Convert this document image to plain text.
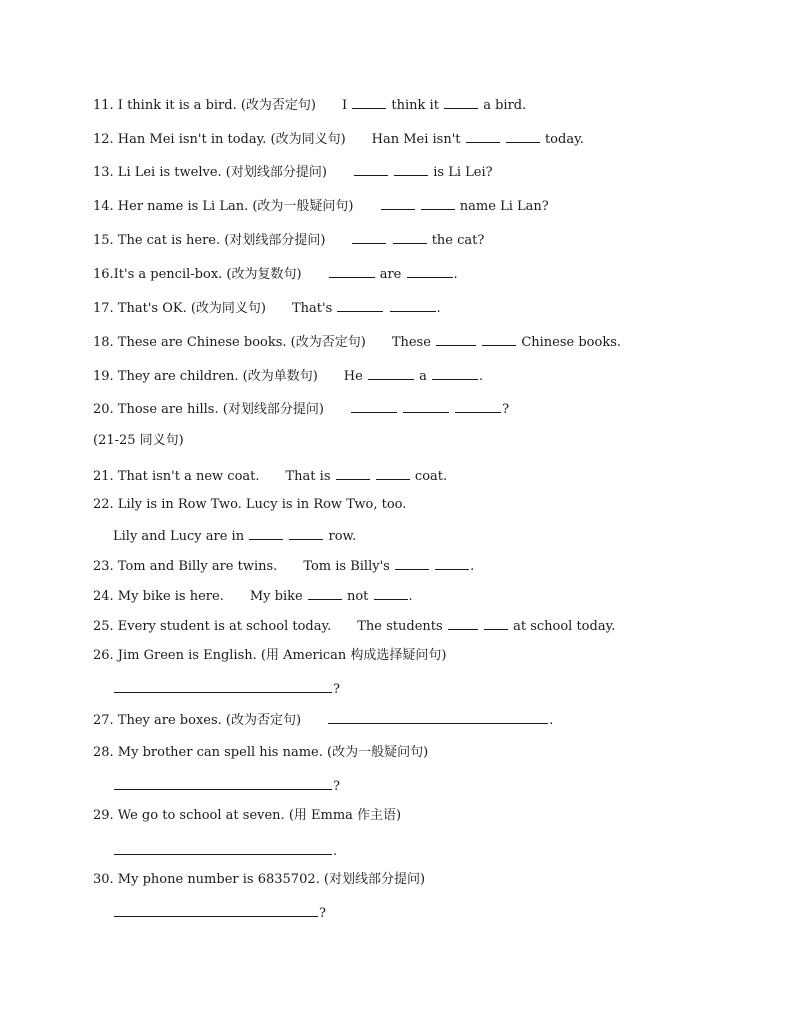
11. I think it is a bird. (改为否定句) I	think it	a bird.
12. Han Mei isn't in today. (改为同义句) Han Mei isn't	today.
13. Li Lei is twelve. (对划线部分提问)	is Li Lei?
14. Her name is Li Lan. (改为一般疑问句)	name Li Lan?
15. The cat is here. (对划线部分提问)	the cat?
16.It's a pencil-box. (改为复数句)	are	.
17. That's OK. (改为同义句) That's	.
18. These are Chinese books. (改为否定句) These	Chinese books.
19. They are children. (改为单数句) He	a	.
20. Those are hills. (对划线部分提问)	?
(21-25 同义句)
21. That isn't a new coat. That is	coat.
22. Lily is in Row Two. Lucy is in Row Two, too.
Lily and Lucy are in	row.
23. Tom and Billy are twins. Tom is Billy's	.
24. My bike is here. My bike	not	.
25. Every student is at school today. The students	at school today.
26. Jim Green is English. (用 American 构成选择疑问句)
?
27. They are boxes. (改为否定句)	.
28. My brother can spell his name. (改为一般疑问句)
?
29. We go to school at seven. (用 Emma 作主语)
.
30. My phone number is 6835702. (对划线部分提问)
?
